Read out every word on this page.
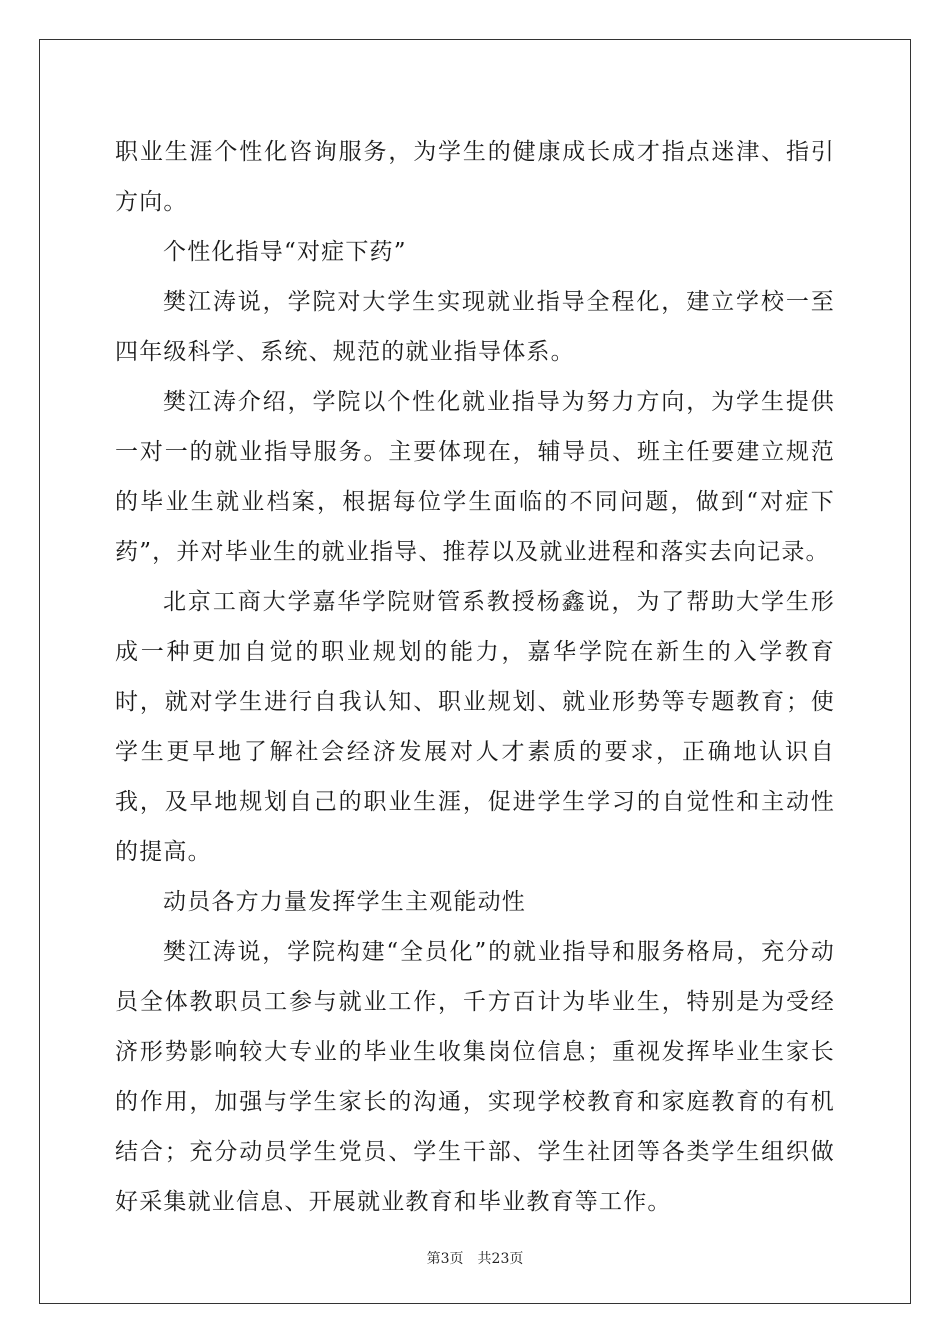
职业生涯个性化咨询服务，为学生的健康成长成才指点迷津、指引方向。

个性化指导“对症下药”

樊江涛说，学院对大学生实现就业指导全程化，建立学校一至四年级科学、系统、规范的就业指导体系。

樊江涛介绍，学院以个性化就业指导为努力方向，为学生提供一对一的就业指导服务。主要体现在，辅导员、班主任要建立规范的毕业生就业档案，根据每位学生面临的不同问题，做到“对症下药”，并对毕业生的就业指导、推荐以及就业进程和落实去向记录。

北京工商大学嘉华学院财管系教授杨鑫说，为了帮助大学生形成一种更加自觉的职业规划的能力，嘉华学院在新生的入学教育时，就对学生进行自我认知、职业规划、就业形势等专题教育；使学生更早地了解社会经济发展对人才素质的要求，正确地认识自我，及早地规划自己的职业生涯，促进学生学习的自觉性和主动性的提高。

动员各方力量发挥学生主观能动性

樊江涛说，学院构建“全员化”的就业指导和服务格局，充分动员全体教职员工参与就业工作，千方百计为毕业生，特别是为受经济形势影响较大专业的毕业生收集岗位信息；重视发挥毕业生家长的作用，加强与学生家长的沟通，实现学校教育和家庭教育的有机结合；充分动员学生党员、学生干部、学生社团等各类学生组织做好采集就业信息、开展就业教育和毕业教育等工作。

第3页 共23页
